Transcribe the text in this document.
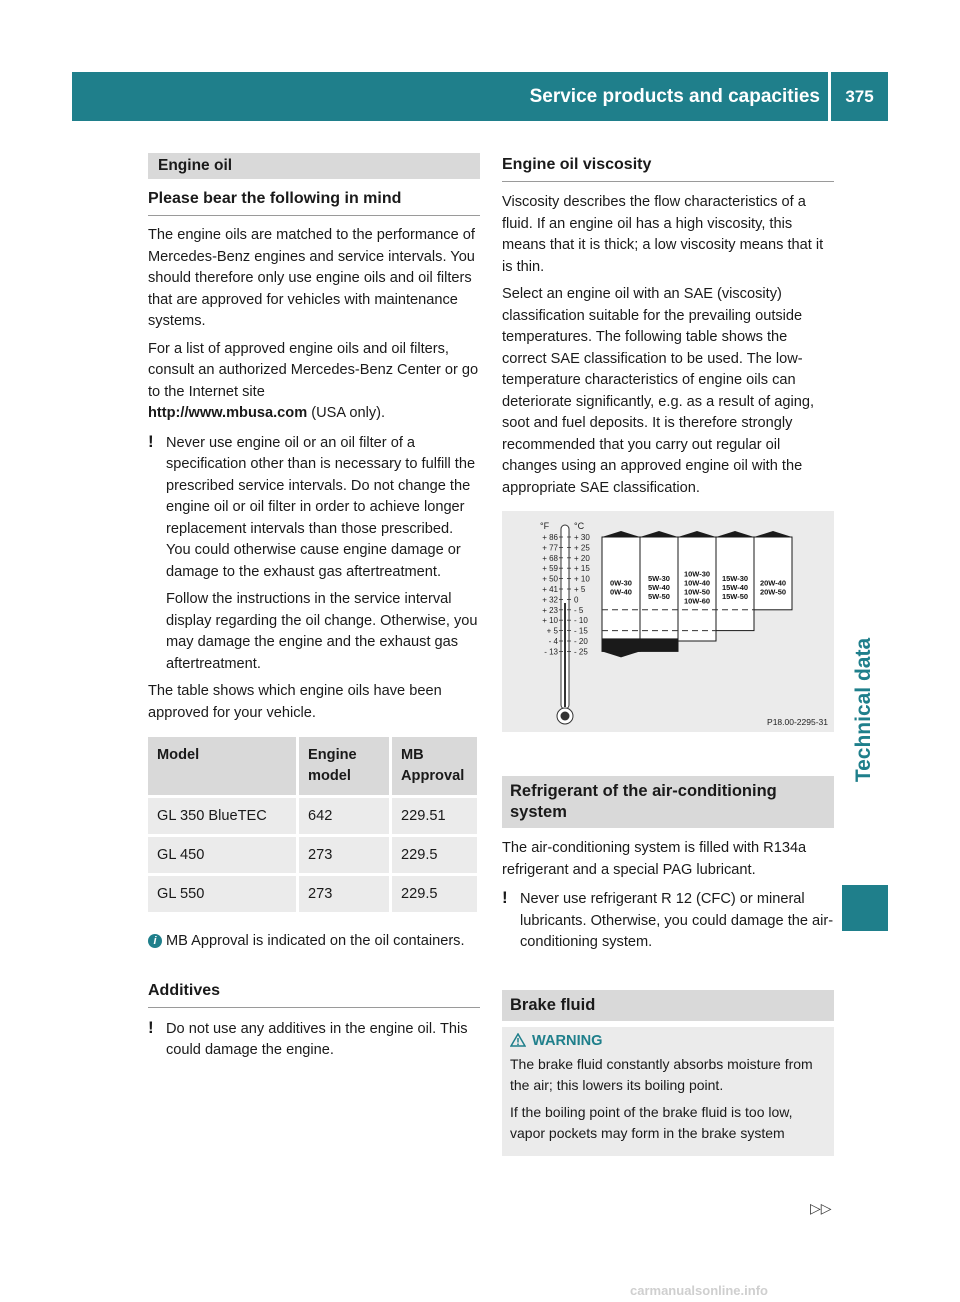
Service products and capacities	375
Technical data
Engine oil
Please bear the following in mind

The engine oils are matched to the performance of Mercedes-Benz engines and service intervals. You should therefore only use engine oils and oil filters that are approved for vehicles with maintenance systems.

For a list of approved engine oils and oil filters, consult an authorized Mercedes-Benz Center or go to the Internet site
http://www.mbusa.com (USA only).

! Never use engine oil or an oil filter of a specification other than is necessary to fulfill the prescribed service intervals. Do not change the engine oil or oil filter in order to achieve longer replacement intervals than those prescribed. You could otherwise cause engine damage or damage to the exhaust gas aftertreatment.

Follow the instructions in the service interval display regarding the oil change. Otherwise, you may damage the engine and the exhaust gas aftertreatment.

The table shows which engine oils have been approved for your vehicle.

Model	Engine model	MB Approval
GL 350 BlueTEC	642	229.51
GL 450	273	229.5
GL 550	273	229.5

i MB Approval is indicated on the oil containers.

Additives

! Do not use any additives in the engine oil. This could damage the engine.

Engine oil viscosity

Viscosity describes the flow characteristics of a fluid. If an engine oil has a high viscosity, this means that it is thick; a low viscosity means that it is thin.

Select an engine oil with an SAE (viscosity) classification suitable for the prevailing outside temperatures. The following table shows the correct SAE classification to be used. The low-temperature characteristics of engine oils can deteriorate significantly, e.g. as a result of aging, soot and fuel deposits. It is therefore strongly recommended that you carry out regular oil changes using an approved engine oil with the appropriate SAE classification.

°F	°C
+ 86
+ 77
+ 68
+ 59
+ 50
+ 41
+ 32
+ 23
+ 10
+ 5
- 4
- 13
+ 30
+ 25
+ 20
+ 15
+ 10
+ 5
0
- 5
- 10
- 15
- 20
- 25
0W-30
0W-40
5W-30
5W-40
5W-50
10W-30
10W-40
10W-50
10W-60
15W-30
15W-40
15W-50
20W-40
20W-50
P18.00-2295-31
Refrigerant of the air-conditioning system

The air-conditioning system is filled with R134a refrigerant and a special PAG lubricant.

! Never use refrigerant R 12 (CFC) or mineral lubricants. Otherwise, you could damage the air-conditioning system.

Brake fluid
WARNING

The brake fluid constantly absorbs moisture from the air; this lowers its boiling point.

If the boiling point of the brake fluid is too low, vapor pockets may form in the brake system

▷▷
carmanualsonline.info
